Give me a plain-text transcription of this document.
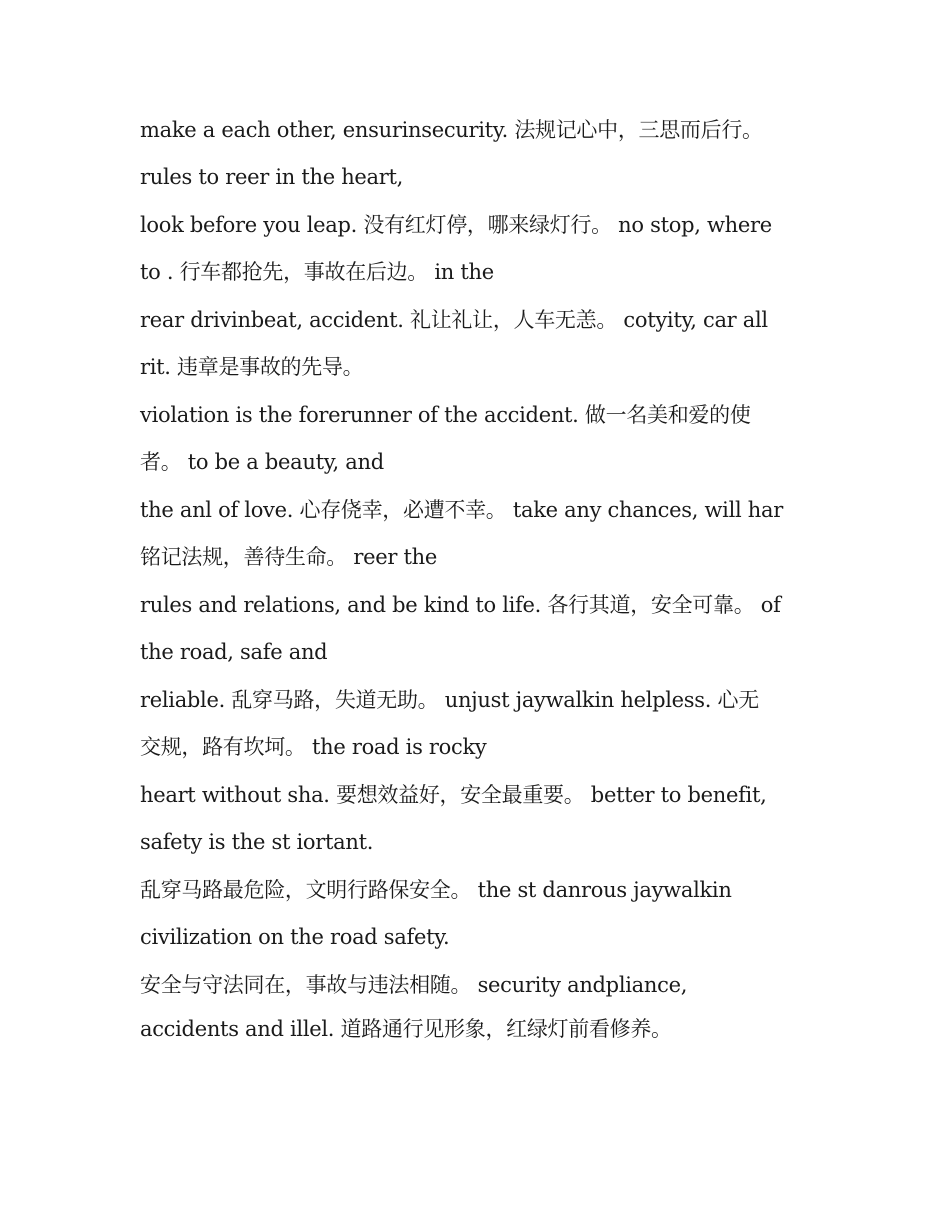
make a each other, ensurinsecurity. 法规记心中，三思而后行。
rules to reer in the heart,
look before you leap. 没有红灯停，哪来绿灯行。 no stop, where
to . 行车都抢先，事故在后边。 in the
rear drivinbeat, accident. 礼让礼让，人车无恙。 cotyity, car all
rit. 违章是事故的先导。
violation is the forerunner of the accident. 做一名美和爱的使
者。 to be a beauty, and
the anl of love. 心存侥幸，必遭不幸。 take any chances, will har
铭记法规，善待生命。 reer the
rules and relations, and be kind to life. 各行其道，安全可靠。 of
the road, safe and
reliable. 乱穿马路，失道无助。 unjust jaywalkin helpless. 心无
交规，路有坎坷。 the road is rocky
heart without sha. 要想效益好，安全最重要。 better to benefit,
safety is the st iortant.
乱穿马路最危险，文明行路保安全。 the st danrous jaywalkin
civilization on the road safety.
安全与守法同在，事故与违法相随。 security andpliance,
accidents and illel. 道路通行见形象，红绿灯前看修养。
